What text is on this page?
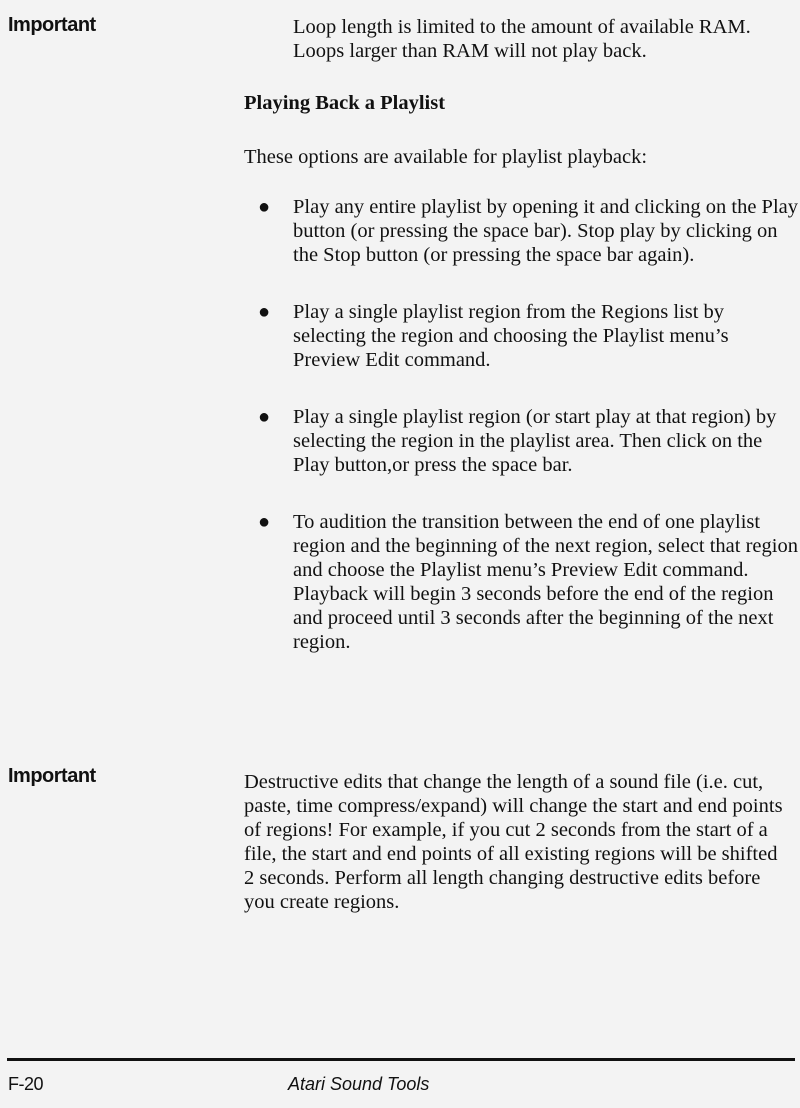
Important	Loop length is limited to the amount of available RAM. Loops larger than RAM will not play back.

Playing Back a Playlist

These options are available for playlist playback:

● Play any entire playlist by opening it and clicking on the Play button (or pressing the space bar). Stop play by clicking on the Stop button (or pressing the space bar again).
● Play a single playlist region from the Regions list by selecting the region and choosing the Playlist menu’s Preview Edit command.
● Play a single playlist region (or start play at that region) by selecting the region in the playlist area. Then click on the Play button,or press the space bar.
● To audition the transition between the end of one playlist region and the beginning of the next region, select that region and choose the Playlist menu’s Preview Edit command. Playback will begin 3 seconds before the end of the region and proceed until 3 seconds after the beginning of the next region.
Important	Destructive edits that change the length of a sound file (i.e. cut, paste, time compress/expand) will change the start and end points of regions! For example, if you cut 2 seconds from the start of a file, the start and end points of all existing regions will be shifted 2 seconds. Perform all length changing destructive edits before you create regions.

F-20	Atari Sound Tools
